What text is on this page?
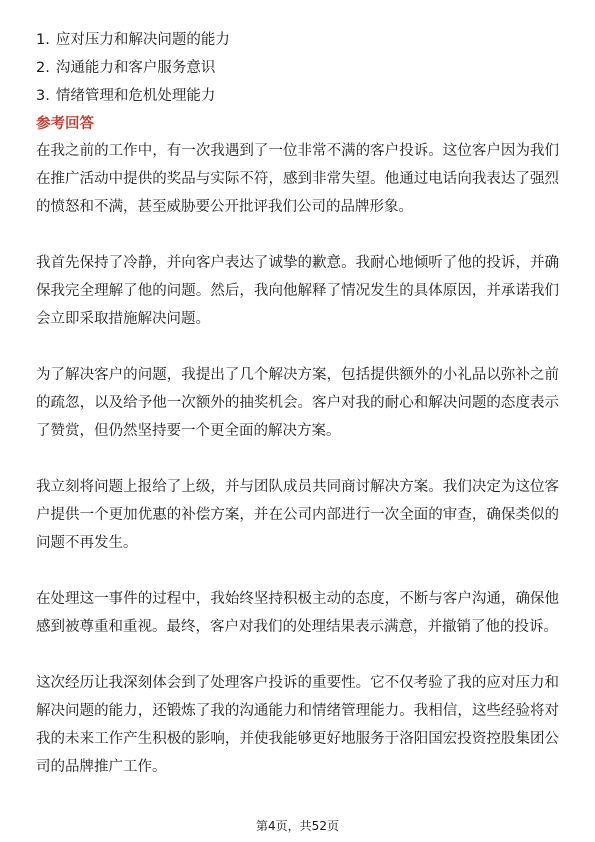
1. 应对压力和解决问题的能力
2. 沟通能力和客户服务意识
3. 情绪管理和危机处理能力
参考回答

在我之前的工作中，有一次我遇到了一位非常不满的客户投诉。这位客户因为我们在推广活动中提供的奖品与实际不符，感到非常失望。他通过电话向我表达了强烈的愤怒和不满，甚至威胁要公开批评我们公司的品牌形象。

我首先保持了冷静，并向客户表达了诚挚的歉意。我耐心地倾听了他的投诉，并确保我完全理解了他的问题。然后，我向他解释了情况发生的具体原因，并承诺我们会立即采取措施解决问题。

为了解决客户的问题，我提出了几个解决方案，包括提供额外的小礼品以弥补之前的疏忽，以及给予他一次额外的抽奖机会。客户对我的耐心和解决问题的态度表示了赞赏，但仍然坚持要一个更全面的解决方案。

我立刻将问题上报给了上级，并与团队成员共同商讨解决方案。我们决定为这位客户提供一个更加优惠的补偿方案，并在公司内部进行一次全面的审查，确保类似的问题不再发生。

在处理这一事件的过程中，我始终坚持积极主动的态度，不断与客户沟通，确保他感到被尊重和重视。最终，客户对我们的处理结果表示满意，并撤销了他的投诉。

这次经历让我深刻体会到了处理客户投诉的重要性。它不仅考验了我的应对压力和解决问题的能力，还锻炼了我的沟通能力和情绪管理能力。我相信，这些经验将对我的未来工作产生积极的影响，并使我能够更好地服务于洛阳国宏投资控股集团公司的品牌推广工作。

第4页，共52页
